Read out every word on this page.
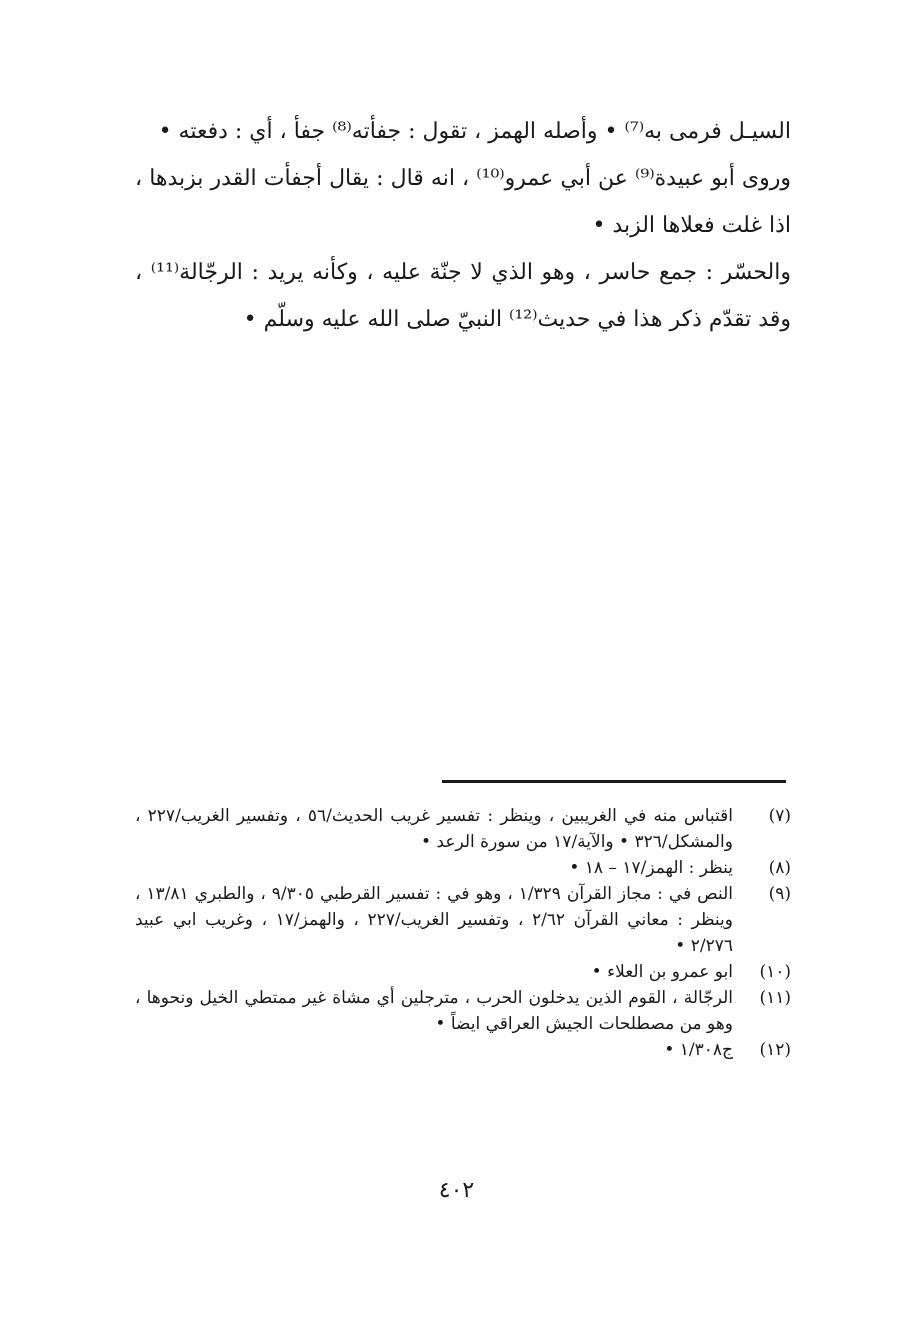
السيـل فرمى به⁽⁷⁾ • وأصله الهمز ، تقول : جفأته⁽⁸⁾ جفأ ، أي : دفعته •

وروى أبو عبيدة⁽⁹⁾ عن أبي عمرو⁽¹⁰⁾ ، انه قال : يقال أجفأت القدر بزبدها ، اذا غلت فعلاها الزبد •

والحسّر : جمع حاسر ، وهو الذي لا جنّة عليه ، وكأنه يريد : الرجّالة⁽¹¹⁾ ، وقد تقدّم ذكر هذا في حديث⁽¹²⁾ النبيّ صلى الله عليه وسلّم •

(٧)
اقتباس منه في الغريبين ، وينظر : تفسير غريب الحديث/٥٦ ، وتفسير الغريب/٢٢٧ ، والمشكل/٣٢٦ • والآية/١٧ من سورة الرعد •
(٨)
ينظر : الهمز/١٧ – ١٨ •
(٩)
النص في : مجاز القرآن ١/٣٢٩ ، وهو في : تفسير القرطبي ٩/٣٠٥ ، والطبري ١٣/٨١ ، وينظر : معاني القرآن ٢/٦٢ ، وتفسير الغريب/٢٢٧ ، والهمز/١٧ ، وغريب ابي عبيد ٢/٢٧٦ •
(١٠)
ابو عمرو بن العلاء •
(١١)
الرجّالة ، القوم الذين يدخلون الحرب ، مترجلين أي مشاة غير ممتطي الخيل ونحوها ، وهو من مصطلحات الجيش العراقي ايضاً •
(١٢)
ج١/٣٠٨ •
٤٠٢
